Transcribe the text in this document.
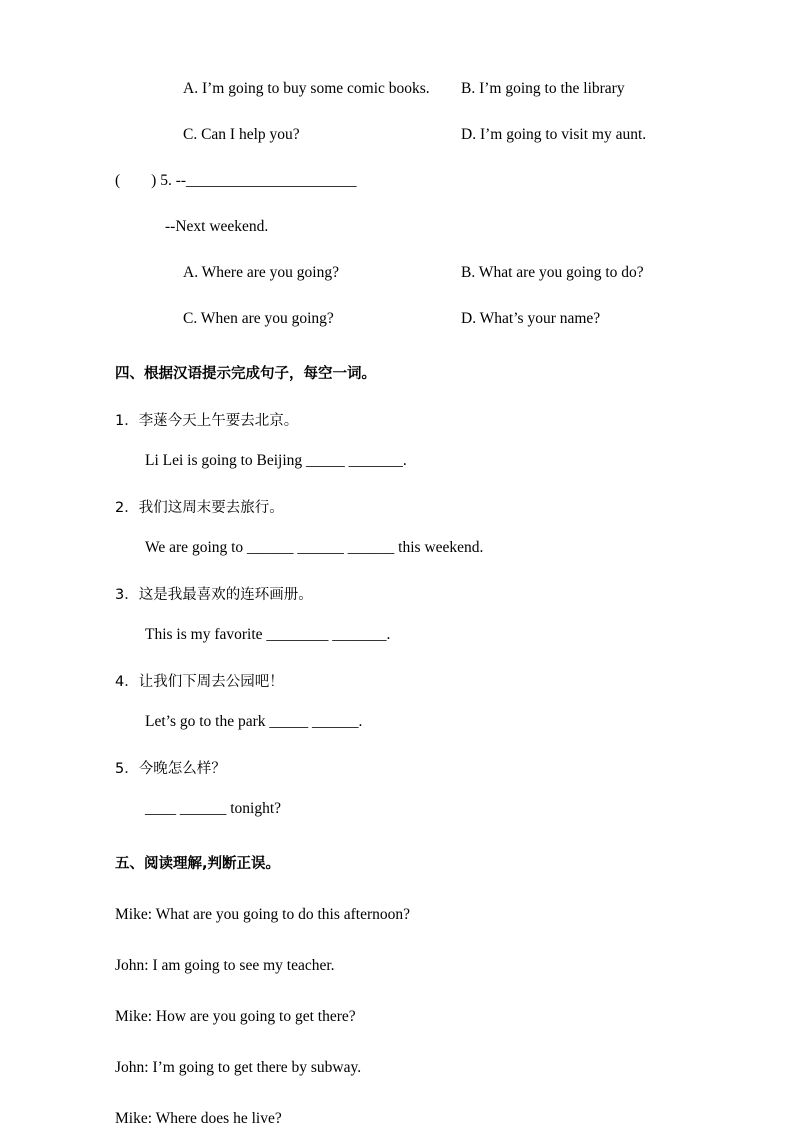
A. I’m going to buy some comic books.	B. I’m going to the library
C. Can I help you?	D. I’m going to visit my aunt.
(  ) 5. --______________________
--Next weekend.
A. Where are you going?	B. What are you going to do?
C. When are you going?	D. What’s your name?
四、根据汉语提示完成句子，每空一词。
1．李蒾今天上午要去北京。
Li Lei is going to Beijing _____ _______.
2．我们这周末要去旅行。
We are going to ______ ______ ______ this weekend.
3．这是我最喜欢的连环画册。
This is my favorite ________ _______.
4．让我们下周去公园吧！
Let’s go to the park _____ ______.
5．今晚怎么样？
____ ______ tonight?
五、阅读理解,判断正误。
Mike: What are you going to do this afternoon?
John: I am going to see my teacher.
Mike: How are you going to get there?
John: I’m going to get there by subway.
Mike: Where does he live?
